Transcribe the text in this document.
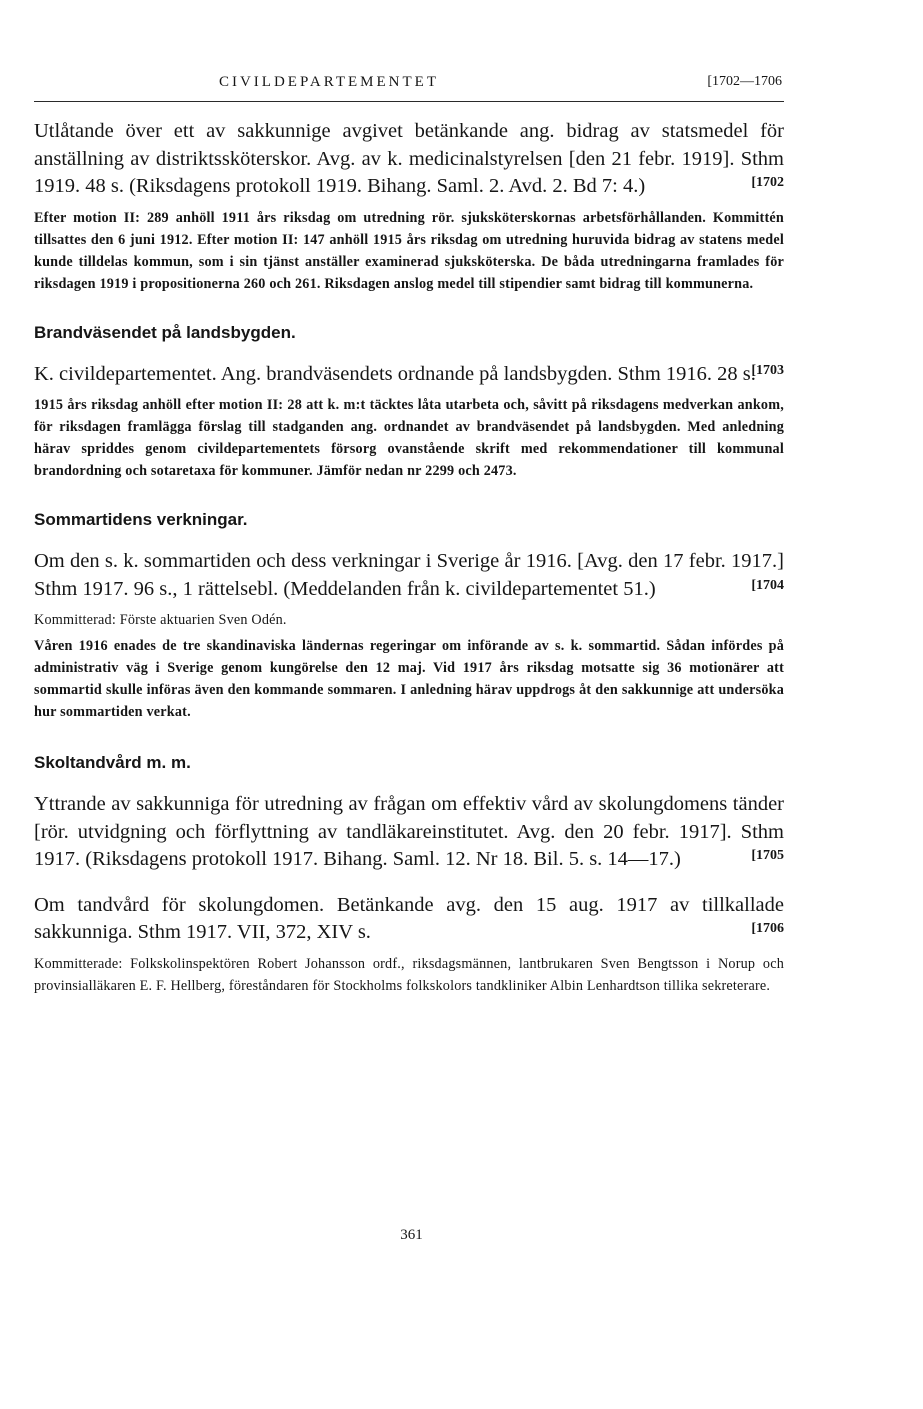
CIVILDEPARTEMENTET	[1702—1706

Utlåtande över ett av sakkunnige avgivet betänkande ang. bidrag av statsmedel för anställning av distriktssköterskor. Avg. av k. medicinalstyrelsen [den 21 febr. 1919]. Sthm 1919. 48 s. (Riksdagens protokoll 1919. Bihang. Saml. 2. Avd. 2. Bd 7: 4.)	[1702

Efter motion II: 289 anhöll 1911 års riksdag om utredning rör. sjuksköterskornas arbetsförhållanden. Kommittén tillsattes den 6 juni 1912. Efter motion II: 147 anhöll 1915 års riksdag om utredning huruvida bidrag av statens medel kunde tilldelas kommun, som i sin tjänst anställer examinerad sjuksköterska. De båda utredningarna framlades för riksdagen 1919 i propositionerna 260 och 261. Riksdagen anslog medel till stipendier samt bidrag till kommunerna.

Brandväsendet på landsbygden.

K. civildepartementet. Ang. brandväsendets ordnande på landsbygden. Sthm 1916. 28 s.
[1703

1915 års riksdag anhöll efter motion II: 28 att k. m:t täcktes låta utarbeta och, såvitt på riksdagens medverkan ankom, för riksdagen framlägga förslag till stadganden ang. ordnandet av brandväsendet på landsbygden. Med anledning härav spriddes genom civildepartementets försorg ovanstående skrift med rekommendationer till kommunal brandordning och sotaretaxa för kommuner. Jämför nedan nr 2299 och 2473.

Sommartidens verkningar.

Om den s. k. sommartiden och dess verkningar i Sverige år 1916. [Avg. den 17 febr. 1917.] Sthm 1917. 96 s., 1 rättelsebl. (Meddelanden från k. civildepartementet 51.)	[1704

Kommitterad: Förste aktuarien Sven Odén.

Våren 1916 enades de tre skandinaviska ländernas regeringar om införande av s. k. sommartid. Sådan infördes på administrativ väg i Sverige genom kungörelse den 12 maj. Vid 1917 års riksdag motsatte sig 36 motionärer att sommartid skulle införas även den kommande sommaren. I anledning härav uppdrogs åt den sakkunnige att undersöka hur sommartiden verkat.

Skoltandvård m. m.

Yttrande av sakkunniga för utredning av frågan om effektiv vård av skolungdomens tänder [rör. utvidgning och förflyttning av tandläkareinstitutet. Avg. den 20 febr. 1917]. Sthm 1917. (Riksdagens protokoll 1917. Bihang. Saml. 12. Nr 18. Bil. 5. s. 14—17.)	[1705

Om tandvård för skolungdomen. Betänkande avg. den 15 aug. 1917 av tillkallade sakkunniga. Sthm 1917. VII, 372, XIV s.	[1706

Kommitterade: Folkskolinspektören Robert Johansson ordf., riksdagsmännen, lantbrukaren Sven Bengtsson i Norup och provinsialläkaren E. F. Hellberg, föreståndaren för Stockholms folkskolors tandkliniker Albin Lenhardtson tillika sekreterare.

361
